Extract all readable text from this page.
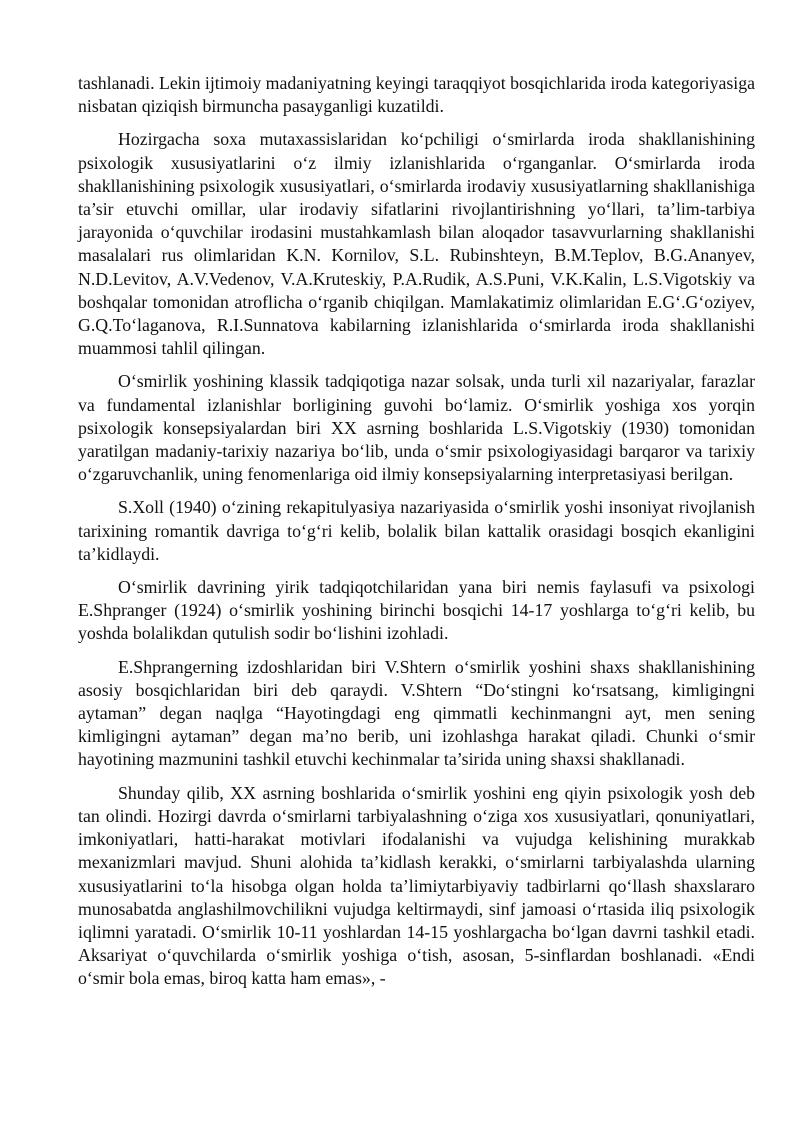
tashlanadi. Lekin ijtimoiy madaniyatning keyingi taraqqiyot bosqichlarida iroda kategoriyasiga nisbatan qiziqish birmuncha pasayganligi kuzatildi.

Hozirgacha soxa mutaxassislaridan ko‘pchiligi o‘smirlarda iroda shakllanishining psixologik xususiyatlarini o‘z ilmiy izlanishlarida o‘rganganlar. O‘smirlarda iroda shakllanishining psixologik xususiyatlari, o‘smirlarda irodaviy xususiyatlarning shakllanishiga ta’sir etuvchi omillar, ular irodaviy sifatlarini rivojlantirishning yo‘llari, ta’lim-tarbiya jarayonida o‘quvchilar irodasini mustahkamlash bilan aloqador tasavvurlarning shakllanishi masalalari rus olimlaridan K.N. Kornilov, S.L. Rubinshteyn, B.M.Teplov, B.G.Ananyev, N.D.Levitov, A.V.Vedenov, V.A.Kruteskiy, P.A.Rudik, A.S.Puni, V.K.Kalin, L.S.Vigotskiy va boshqalar tomonidan atroflicha o‘rganib chiqilgan. Mamlakatimiz olimlaridan E.G‘.G‘oziyev, G.Q.To‘laganova, R.I.Sunnatova kabilarning izlanishlarida o‘smirlarda iroda shakllanishi muammosi tahlil qilingan.

O‘smirlik yoshining klassik tadqiqotiga nazar solsak, unda turli xil nazariyalar, farazlar va fundamental izlanishlar borligining guvohi bo‘lamiz. O‘smirlik yoshiga xos yorqin psixologik konsepsiyalardan biri XX asrning boshlarida L.S.Vigotskiy (1930) tomonidan yaratilgan madaniy-tarixiy nazariya bo‘lib, unda o‘smir psixologiyasidagi barqaror va tarixiy o‘zgaruvchanlik, uning fenomenlariga oid ilmiy konsepsiyalarning interpretasiyasi berilgan.

S.Xoll (1940) o‘zining rekapitulyasiya nazariyasida o‘smirlik yoshi insoniyat rivojlanish tarixining romantik davriga to‘g‘ri kelib, bolalik bilan kattalik orasidagi bosqich ekanligini ta’kidlaydi.

O‘smirlik davrining yirik tadqiqotchilaridan yana biri nemis faylasufi va psixologi E.Shpranger (1924) o‘smirlik yoshining birinchi bosqichi 14-17 yoshlarga to‘g‘ri kelib, bu yoshda bolalikdan qutulish sodir bo‘lishini izohladi.

E.Shprangerning izdoshlaridan biri V.Shtern o‘smirlik yoshini shaxs shakllanishining asosiy bosqichlaridan biri deb qaraydi. V.Shtern “Do‘stingni ko‘rsatsang, kimligingni aytaman” degan naqlga “Hayotingdagi eng qimmatli kechinmangni ayt, men sening kimligingni aytaman” degan ma’no berib, uni izohlashga harakat qiladi. Chunki o‘smir hayotining mazmunini tashkil etuvchi kechinmalar ta’sirida uning shaxsi shakllanadi.

Shunday qilib, XX asrning boshlarida o‘smirlik yoshini eng qiyin psixologik yosh deb tan olindi. Hozirgi davrda o‘smirlarni tarbiyalashning o‘ziga xos xususiyatlari, qonuniyatlari, imkoniyatlari, hatti-harakat motivlari ifodalanishi va vujudga kelishining murakkab mexanizmlari mavjud. Shuni alohida ta’kidlash kerakki, o‘smirlarni tarbiyalashda ularning xususiyatlarini to‘la hisobga olgan holda ta’limiytarbiyaviy tadbirlarni qo‘llash shaxslararo munosabatda anglashilmovchilikni vujudga keltirmaydi, sinf jamoasi o‘rtasida iliq psixologik iqlimni yaratadi. O‘smirlik 10-11 yoshlardan 14-15 yoshlargacha bo‘lgan davrni tashkil etadi. Aksariyat o‘quvchilarda o‘smirlik yoshiga o‘tish, asosan, 5-sinflardan boshlanadi. «Endi o‘smir bola emas, biroq katta ham emas», -
